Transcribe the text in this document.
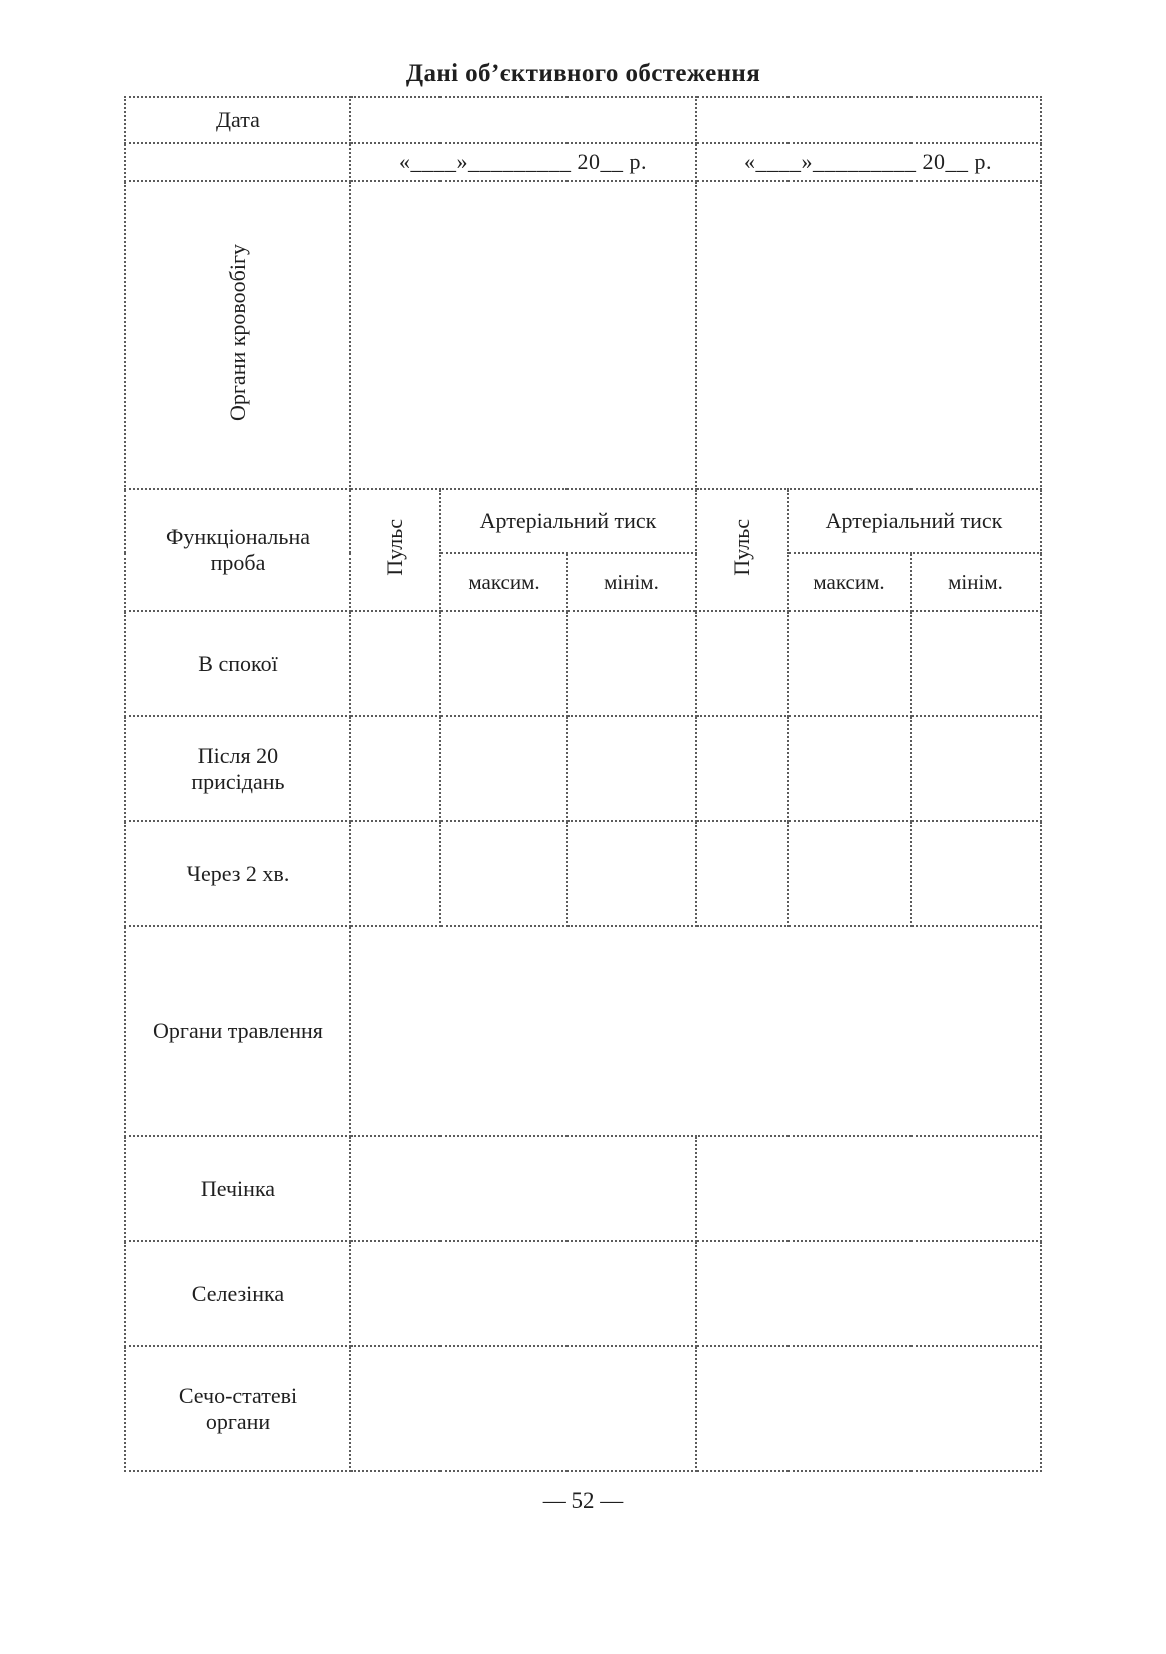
Дані об’єктивного обстеження
Дата						
	«____»_________ 20__ р.			«____»_________ 20__ р.		
Органи кровообігу						
Функціональна проба	Пульс	Артеріальний тиск		Пульс	Артеріальний тиск	
		максим.	мінім.		максим.	мінім.
В спокої						
Після 20 присідань						
Через 2 хв.						
Органи травлення						
Печінка						
Селезінка						
Сечо-статеві органи						
— 52 —
